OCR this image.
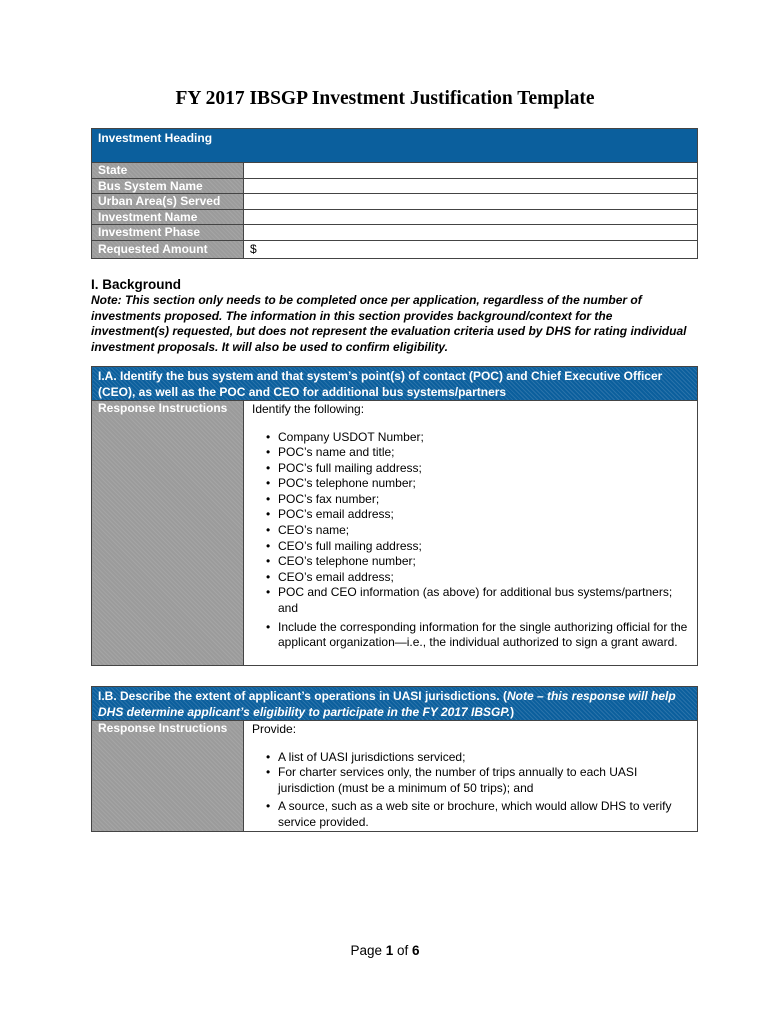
FY 2017 IBSGP Investment Justification Template
Investment Heading	
State	
Bus System Name	
Urban Area(s) Served	
Investment Name	
Investment Phase	
Requested Amount	$
I. Background
Note: This section only needs to be completed once per application, regardless of the number of investments proposed. The information in this section provides background/context for the investment(s) requested, but does not represent the evaluation criteria used by DHS for rating individual investment proposals. It will also be used to confirm eligibility.
I.A. Identify the bus system and that system’s point(s) of contact (POC) and Chief Executive Officer (CEO), as well as the POC and CEO for additional bus systems/partners
Response Instructions	Identify the following:
• Company USDOT Number;
• POC’s name and title;
• POC’s full mailing address;
• POC’s telephone number;
• POC’s fax number;
• POC’s email address;
• CEO’s name;
• CEO’s full mailing address;
• CEO’s telephone number;
• CEO’s email address;
• POC and CEO information (as above) for additional bus systems/partners; and
• Include the corresponding information for the single authorizing official for the applicant organization—i.e., the individual authorized to sign a grant award.
I.B. Describe the extent of applicant’s operations in UASI jurisdictions. (Note – this response will help DHS determine applicant’s eligibility to participate in the FY 2017 IBSGP.)
Response Instructions	Provide:
• A list of UASI jurisdictions serviced;
• For charter services only, the number of trips annually to each UASI jurisdiction (must be a minimum of 50 trips); and
• A source, such as a web site or brochure, which would allow DHS to verify service provided.
Page 1 of 6
